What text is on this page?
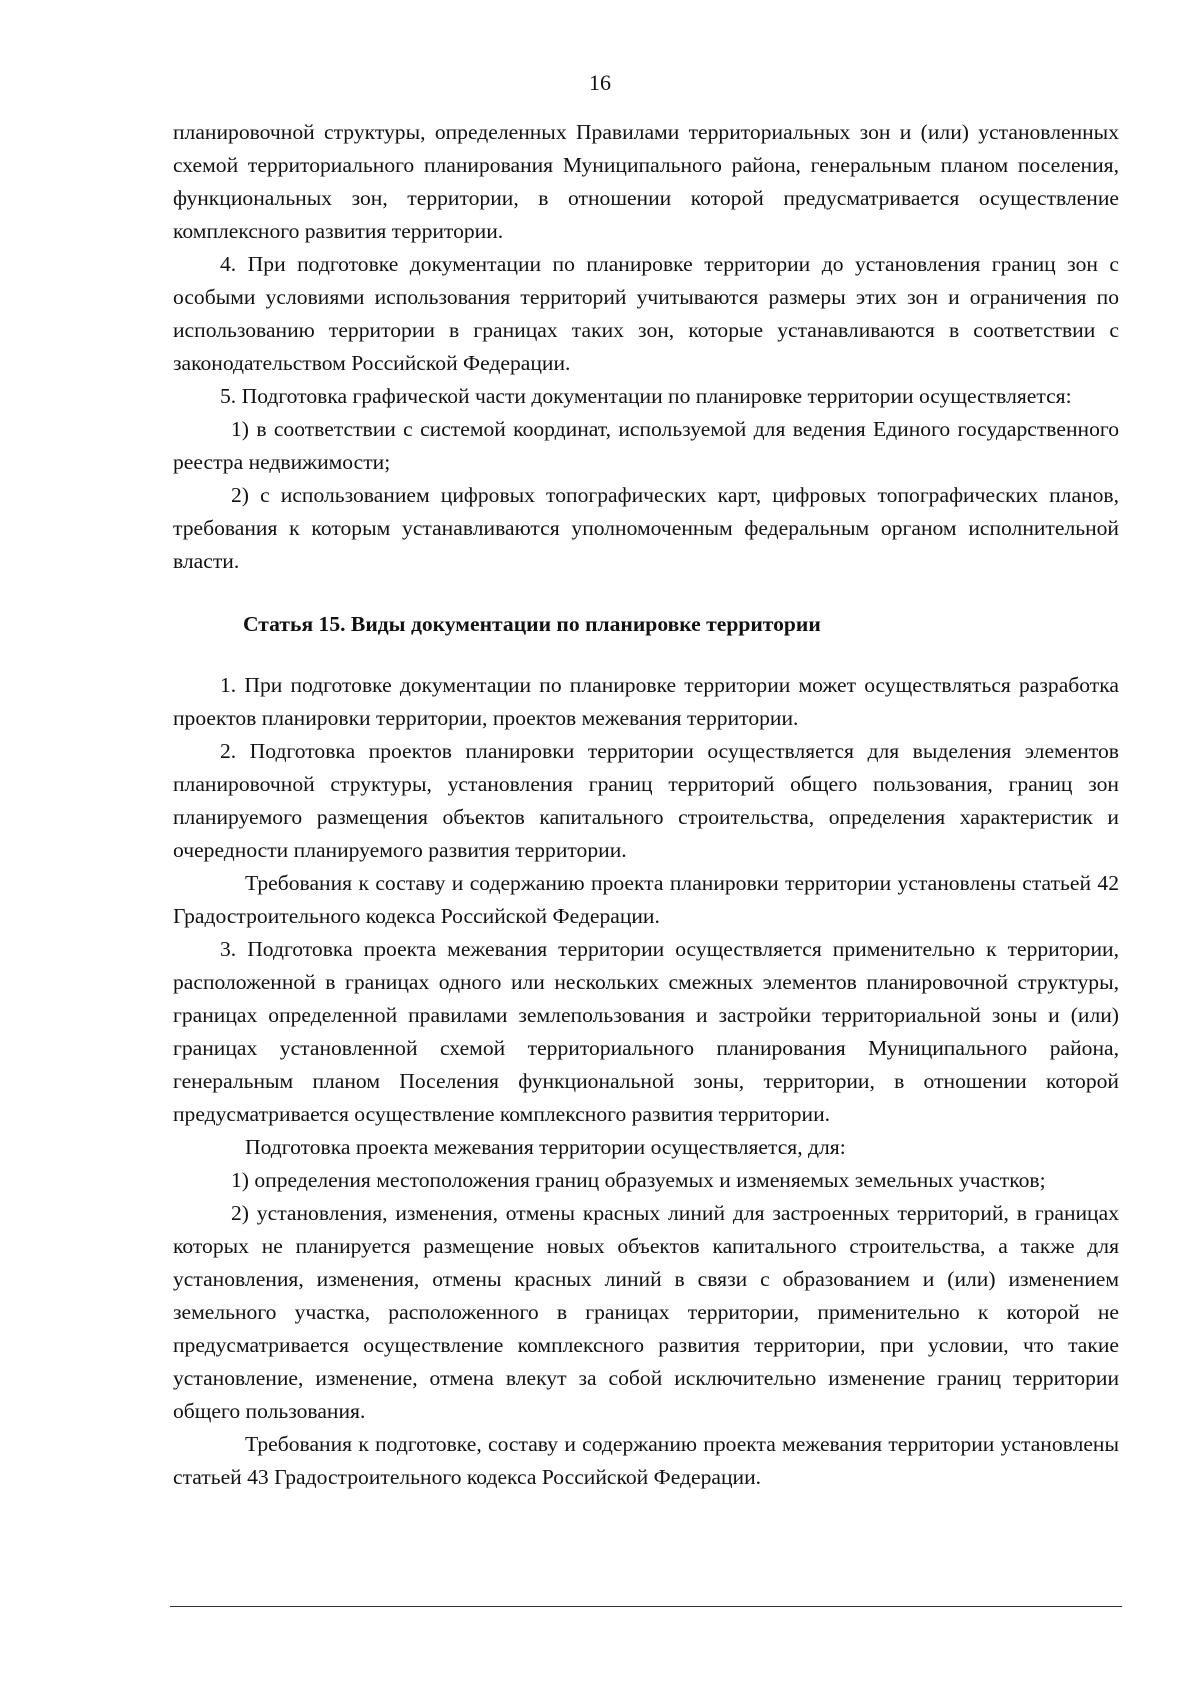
16

планировочной структуры, определенных Правилами территориальных зон и (или) установленных схемой территориального планирования Муниципального района, генеральным планом поселения, функциональных зон, территории, в отношении которой предусматривается осуществление комплексного развития территории.

4. При подготовке документации по планировке территории до установления границ зон с особыми условиями использования территорий учитываются размеры этих зон и ограничения по использованию территории в границах таких зон, которые устанавливаются в соответствии с законодательством Российской Федерации.

5. Подготовка графической части документации по планировке территории осуществляется:

1) в соответствии с системой координат, используемой для ведения Единого государственного реестра недвижимости;

2) с использованием цифровых топографических карт, цифровых топографических планов, требования к которым устанавливаются уполномоченным федеральным органом исполнительной власти.

Статья 15. Виды документации по планировке территории

1. При подготовке документации по планировке территории может осуществляться разработка проектов планировки территории, проектов межевания территории.

2. Подготовка проектов планировки территории осуществляется для выделения элементов планировочной структуры, установления границ территорий общего пользования, границ зон планируемого размещения объектов капитального строительства, определения характеристик и очередности планируемого развития территории.

Требования к составу и содержанию проекта планировки территории установлены статьей 42 Градостроительного кодекса Российской Федерации.

3. Подготовка проекта межевания территории осуществляется применительно к территории, расположенной в границах одного или нескольких смежных элементов планировочной структуры, границах определенной правилами землепользования и застройки территориальной зоны и (или) границах установленной схемой территориального планирования Муниципального района, генеральным планом Поселения функциональной зоны, территории, в отношении которой предусматривается осуществление комплексного развития территории.

Подготовка проекта межевания территории осуществляется, для:

1) определения местоположения границ образуемых и изменяемых земельных участков;

2) установления, изменения, отмены красных линий для застроенных территорий, в границах которых не планируется размещение новых объектов капитального строительства, а также для установления, изменения, отмены красных линий в связи с образованием и (или) изменением земельного участка, расположенного в границах территории, применительно к которой не предусматривается осуществление комплексного развития территории, при условии, что такие установление, изменение, отмена влекут за собой исключительно изменение границ территории общего пользования.

Требования к подготовке, составу и содержанию проекта межевания территории установлены статьей 43 Градостроительного кодекса Российской Федерации.
